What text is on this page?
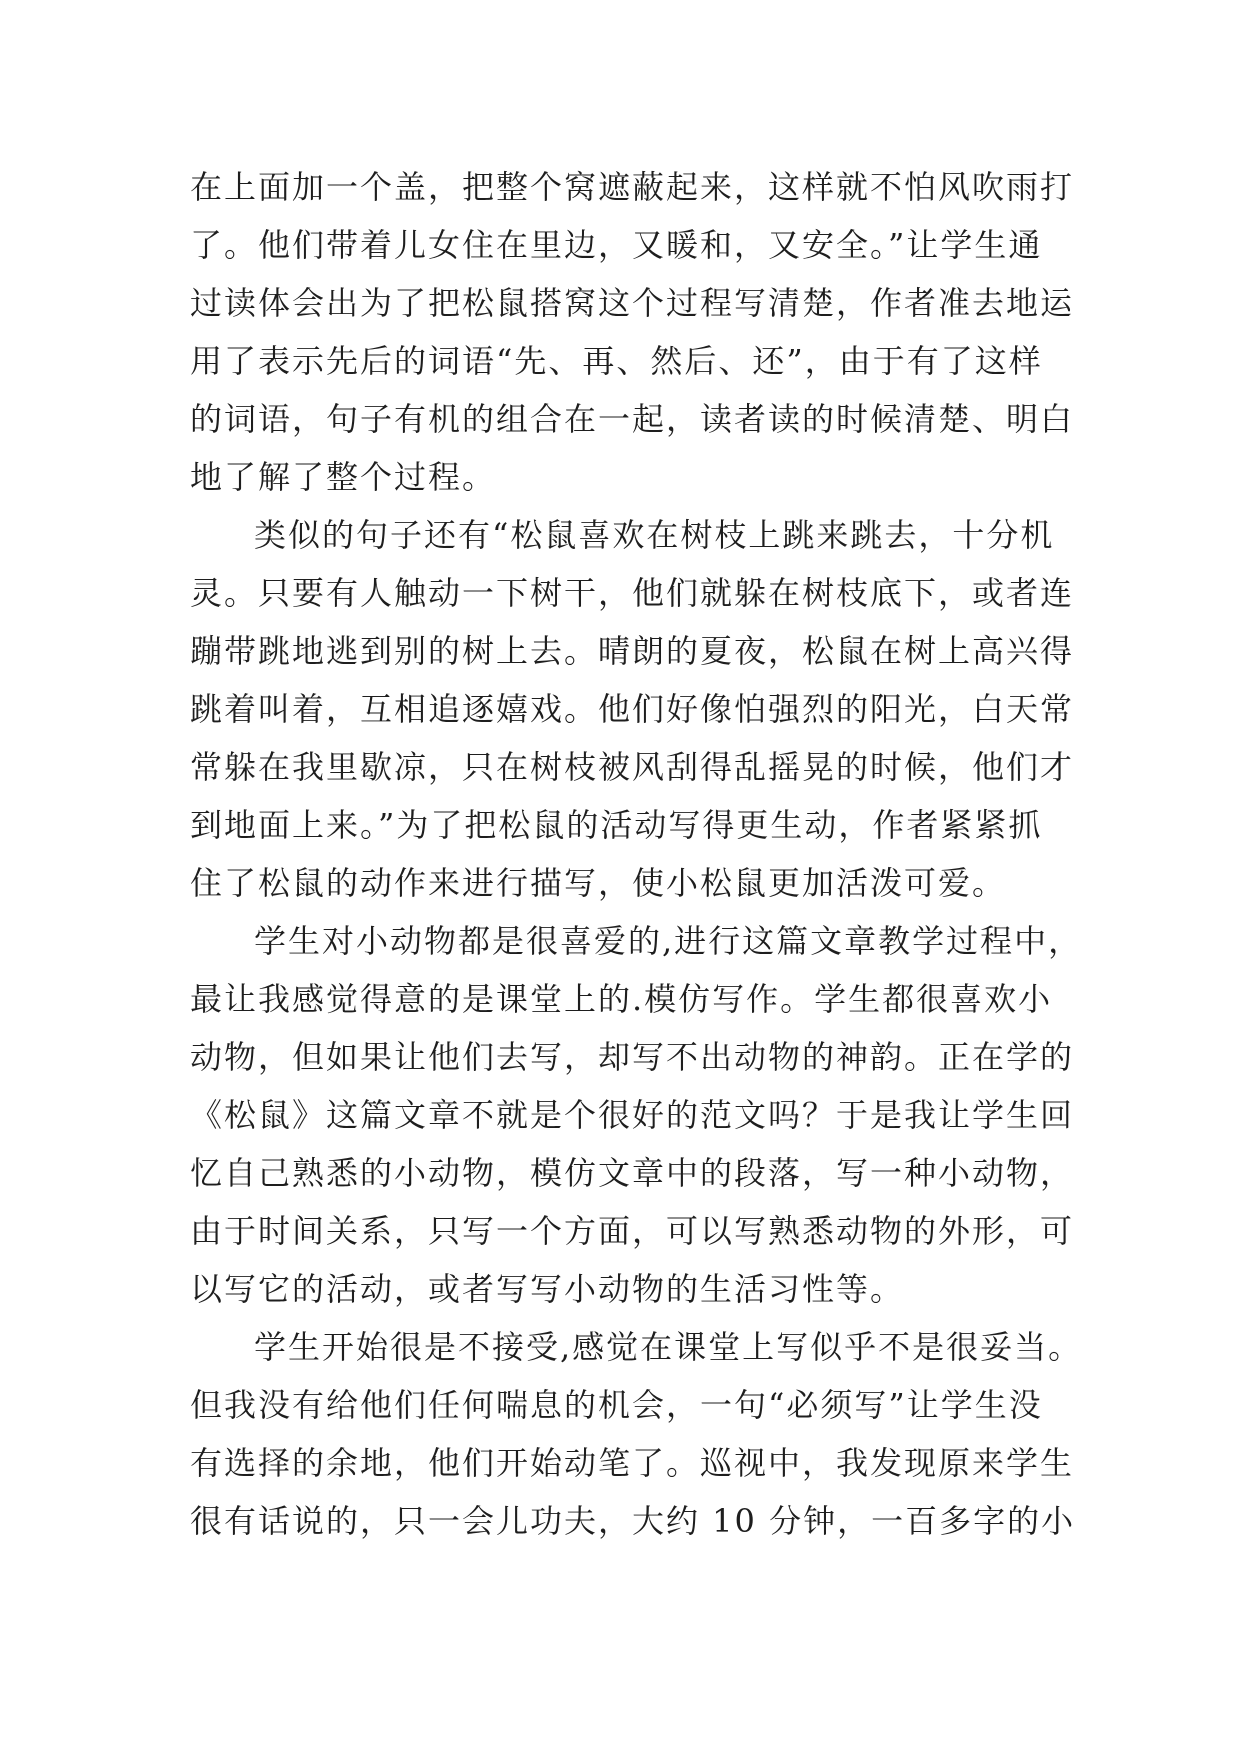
在上面加一个盖，把整个窝遮蔽起来，这样就不怕风吹雨打
了。他们带着儿女住在里边，又暖和，又安全。”让学生通
过读体会出为了把松鼠搭窝这个过程写清楚，作者准去地运
用了表示先后的词语“先、再、然后、还”，由于有了这样
的词语，句子有机的组合在一起，读者读的时候清楚、明白
地了解了整个过程。
类似的句子还有“松鼠喜欢在树枝上跳来跳去，十分机
灵。只要有人触动一下树干，他们就躲在树枝底下，或者连
蹦带跳地逃到别的树上去。晴朗的夏夜，松鼠在树上高兴得
跳着叫着，互相追逐嬉戏。他们好像怕强烈的阳光，白天常
常躲在我里歇凉，只在树枝被风刮得乱摇晃的时候，他们才
到地面上来。”为了把松鼠的活动写得更生动，作者紧紧抓
住了松鼠的动作来进行描写，使小松鼠更加活泼可爱。
学生对小动物都是很喜爱的,进行这篇文章教学过程中，
最让我感觉得意的是课堂上的.模仿写作。学生都很喜欢小
动物，但如果让他们去写，却写不出动物的神韵。正在学的
《松鼠》这篇文章不就是个很好的范文吗？于是我让学生回
忆自己熟悉的小动物，模仿文章中的段落，写一种小动物，
由于时间关系，只写一个方面，可以写熟悉动物的外形，可
以写它的活动，或者写写小动物的生活习性等。
学生开始很是不接受,感觉在课堂上写似乎不是很妥当。
但我没有给他们任何喘息的机会，一句“必须写”让学生没
有选择的余地，他们开始动笔了。巡视中，我发现原来学生
很有话说的，只一会儿功夫，大约 10 分钟，一百多字的小
